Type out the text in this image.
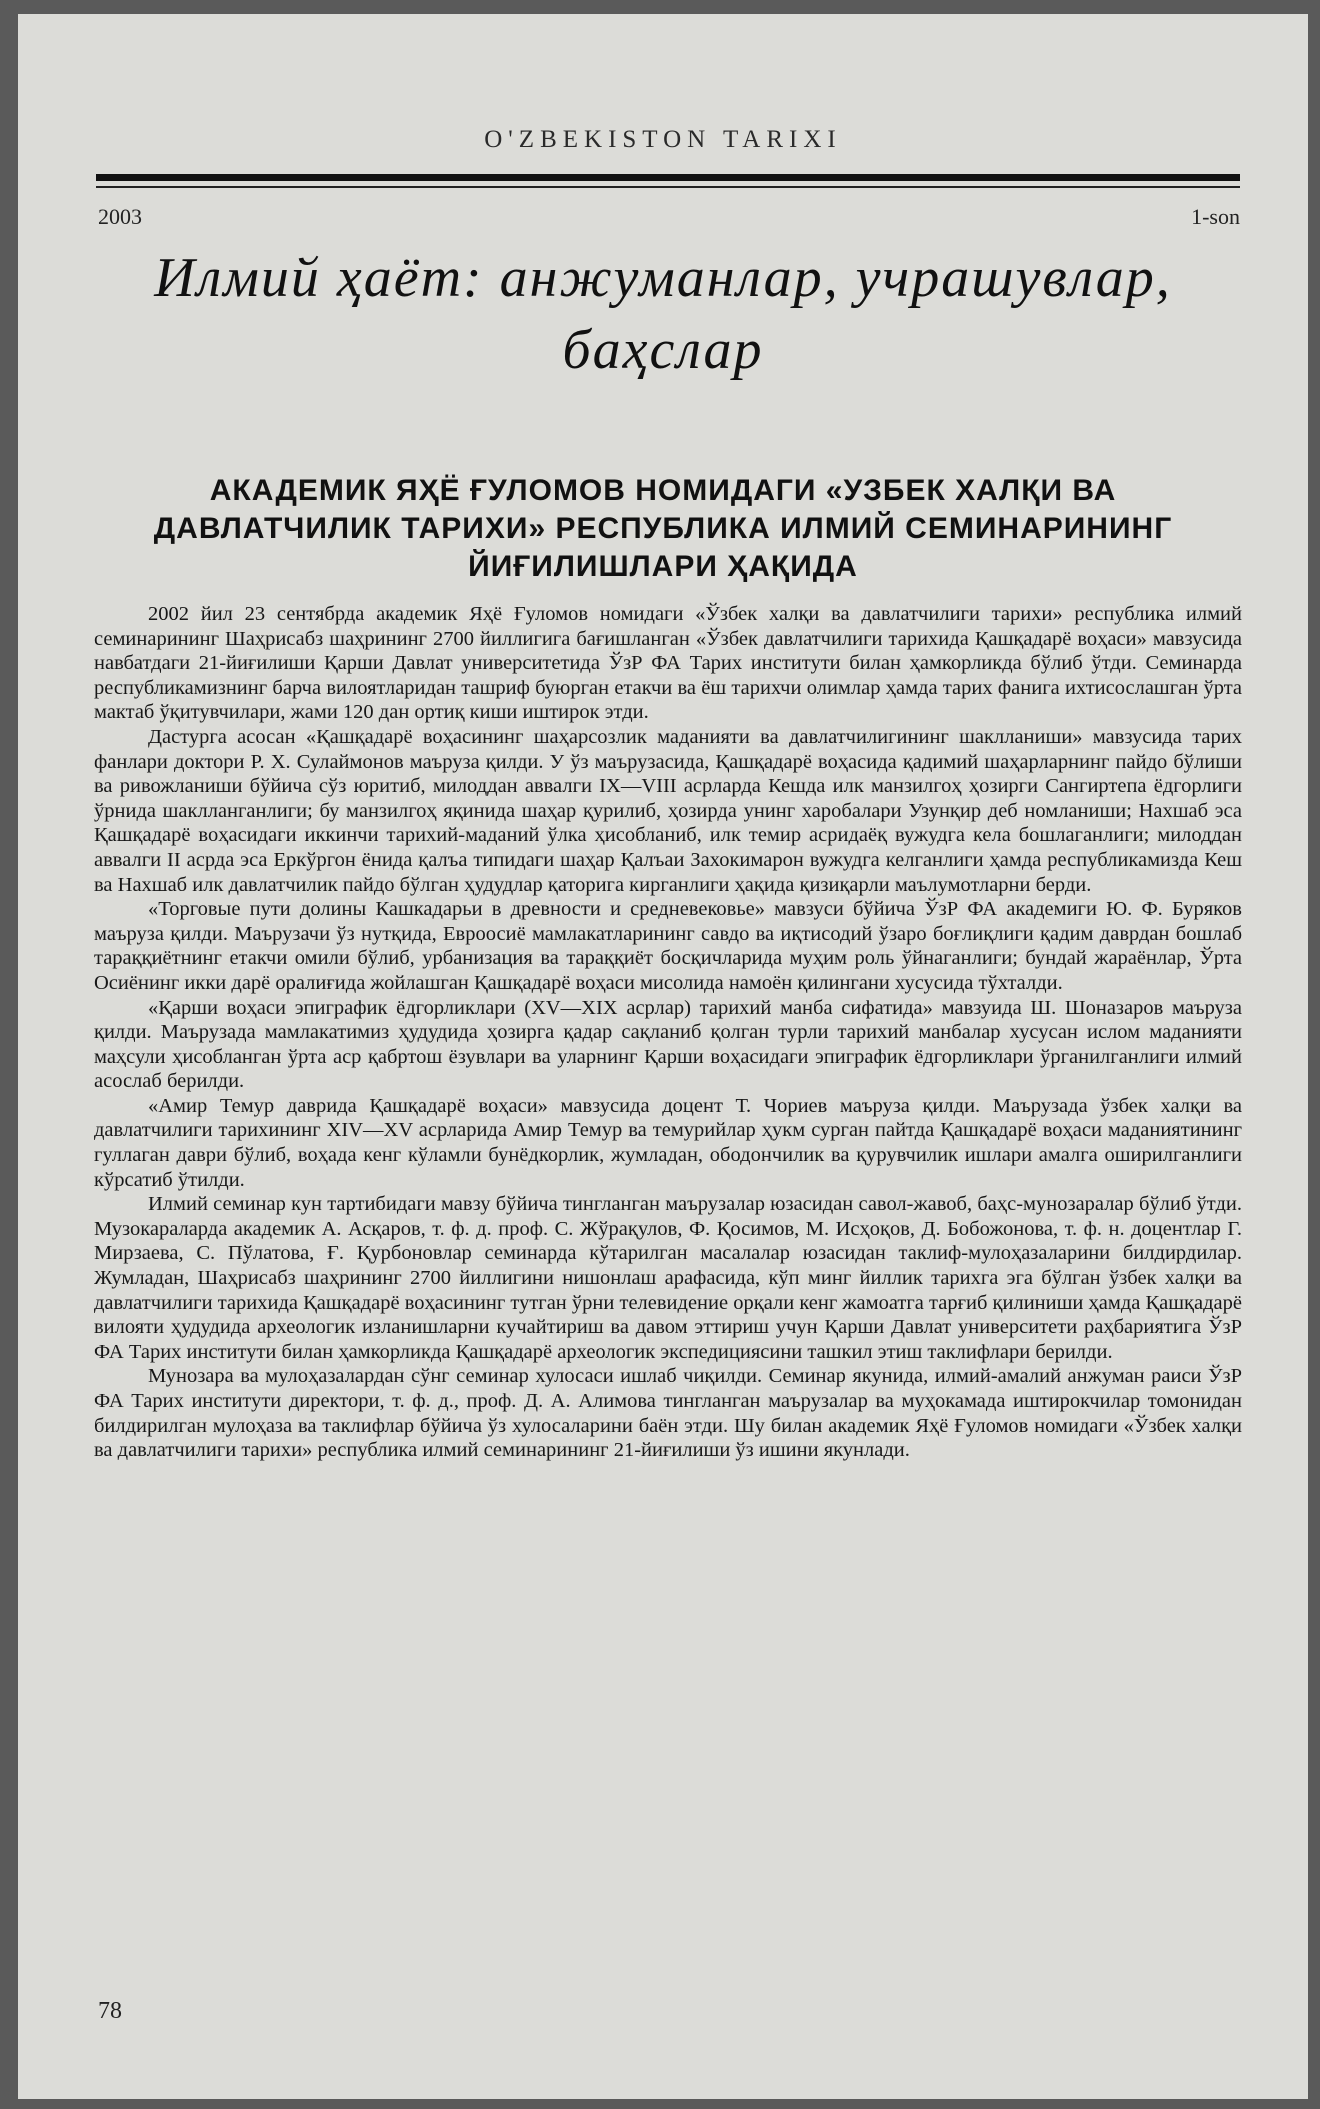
O'ZBEKISTON TARIXI
2003	1-son
Илмий ҳаёт: анжуманлар, учрашувлар, баҳслар
АКАДЕМИК ЯҲЁ ҒУЛОМОВ НОМИДАГИ «УЗБЕК ХАЛҚИ ВА ДАВЛАТЧИЛИК ТАРИХИ» РЕСПУБЛИКА ИЛМИЙ СЕМИНАРИНИНГ ЙИҒИЛИШЛАРИ ҲАҚИДА

2002 йил 23 сентябрда академик Яҳё Ғуломов номидаги «Ўзбек халқи ва давлатчилиги тарихи» республика илмий семинарининг Шаҳрисабз шаҳрининг 2700 йиллигига бағишланган «Ўзбек давлатчилиги тарихида Қашқадарё воҳаси» мавзусида навбатдаги 21-йиғилиши Қарши Давлат университетида ЎзР ФА Тарих институти билан ҳамкорликда бўлиб ўтди. Семинарда республикамизнинг барча вилоятларидан ташриф буюрган етакчи ва ёш тарихчи олимлар ҳамда тарих фанига ихтисослашган ўрта мактаб ўқитувчилари, жами 120 дан ортиқ киши иштирок этди.

Дастурга асосан «Қашқадарё воҳасининг шаҳарсозлик маданияти ва давлатчилигининг шаклланиши» мавзусида тарих фанлари доктори Р. Х. Сулаймонов маъруза қилди. У ўз маърузасида, Қашқадарё воҳасида қадимий шаҳарларнинг пайдо бўлиши ва ривожланиши бўйича сўз юритиб, милоддан аввалги IX—VIII асрларда Кешда илк манзилгоҳ ҳозирги Сангиртепа ёдгорлиги ўрнида шаклланганлиги; бу манзилгоҳ яқинида шаҳар қурилиб, ҳозирда унинг харобалари Узунқир деб номланиши; Нахшаб эса Қашқадарё воҳасидаги иккинчи тарихий-маданий ўлка ҳисобланиб, илк темир асридаёқ вужудга кела бошлаганлиги; милоддан аввалги II асрда эса Еркўргон ёнида қалъа типидаги шаҳар Қалъаи Захокимарон вужудга келганлиги ҳамда республикамизда Кеш ва Нахшаб илк давлатчилик пайдо бўлган ҳудудлар қаторига кирганлиги ҳақида қизиқарли маълумотларни берди.

«Торговые пути долины Кашкадарьи в древности и средневековье» мавзуси бўйича ЎзР ФА академиги Ю. Ф. Буряков маъруза қилди. Маърузачи ўз нутқида, Евроосиё мамлакатларининг савдо ва иқтисодий ўзаро боғлиқлиги қадим даврдан бошлаб тараққиётнинг етакчи омили бўлиб, урбанизация ва тараққиёт босқичларида муҳим роль ўйнаганлиги; бундай жараёнлар, Ўрта Осиёнинг икки дарё оралиғида жойлашган Қашқадарё воҳаси мисолида намоён қилингани хусусида тўхталди.

«Қарши воҳаси эпиграфик ёдгорликлари (XV—XIX асрлар) тарихий манба сифатида» мавзуида Ш. Шоназаров маъруза қилди. Маърузада мамлакатимиз ҳудудида ҳозирга қадар сақланиб қолган турли тарихий манбалар хусусан ислом маданияти маҳсули ҳисобланган ўрта аср қабртош ёзувлари ва уларнинг Қарши воҳасидаги эпиграфик ёдгорликлари ўрганилганлиги илмий асослаб берилди.

«Амир Темур даврида Қашқадарё воҳаси» мавзусида доцент Т. Чориев маъруза қилди. Маърузада ўзбек халқи ва давлатчилиги тарихининг XIV—XV асрларида Амир Темур ва темурийлар ҳукм сурган пайтда Қашқадарё воҳаси маданиятининг гуллаган даври бўлиб, воҳада кенг кўламли бунёдкорлик, жумладан, ободончилик ва қурувчилик ишлари амалга оширилганлиги кўрсатиб ўтилди.

Илмий семинар кун тартибидаги мавзу бўйича тингланган маърузалар юзасидан савол-жавоб, баҳс-мунозаралар бўлиб ўтди. Музокараларда академик А. Асқаров, т. ф. д. проф. С. Жўрақулов, Ф. Қосимов, М. Исҳоқов, Д. Бобожонова, т. ф. н. доцентлар Г. Мирзаева, С. Пўлатова, Ғ. Қурбоновлар семинарда кўтарилган масалалар юзасидан таклиф-мулоҳазаларини билдирдилар. Жумладан, Шаҳрисабз шаҳрининг 2700 йиллигини нишонлаш арафасида, кўп минг йиллик тарихга эга бўлган ўзбек халқи ва давлатчилиги тарихида Қашқадарё воҳасининг тутган ўрни телевидение орқали кенг жамоатга тарғиб қилиниши ҳамда Қашқадарё вилояти ҳудудида археологик изланишларни кучайтириш ва давом эттириш учун Қарши Давлат университети раҳбариятига ЎзР ФА Тарих институти билан ҳамкорликда Қашқадарё археологик экспедициясини ташкил этиш таклифлари берилди.

Мунозара ва мулоҳазалардан сўнг семинар хулосаси ишлаб чиқилди. Семинар якунида, илмий-амалий анжуман раиси ЎзР ФА Тарих институти директори, т. ф. д., проф. Д. А. Алимова тингланган маърузалар ва муҳокамада иштирокчилар томонидан билдирилган мулоҳаза ва таклифлар бўйича ўз хулосаларини баён этди. Шу билан академик Яҳё Ғуломов номидаги «Ўзбек халқи ва давлатчилиги тарихи» республика илмий семинарининг 21-йиғилиши ўз ишини якунлади.

78
